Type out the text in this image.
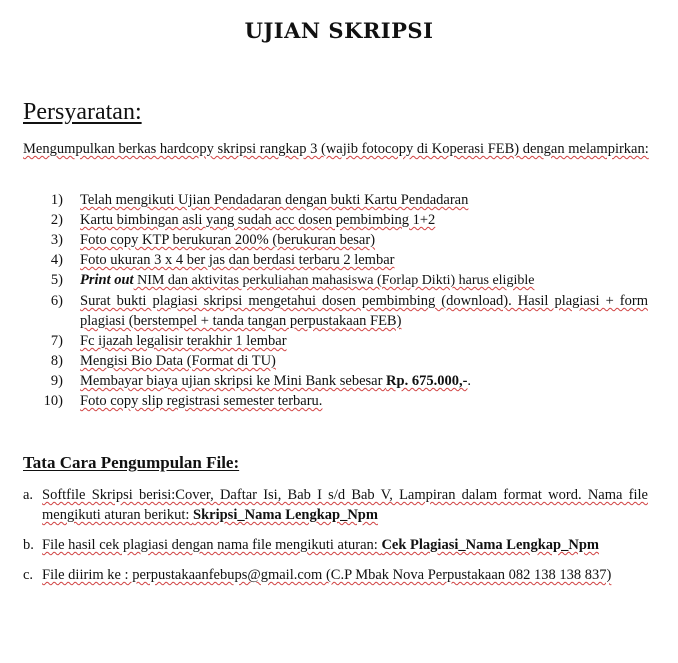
UJIAN SKRIPSI
Persyaratan:
Mengumpulkan berkas hardcopy skripsi rangkap 3 (wajib fotocopy di Koperasi FEB) dengan melampirkan:
1) Telah mengikuti Ujian Pendadaran dengan bukti Kartu Pendadaran
2) Kartu bimbingan asli yang sudah acc dosen pembimbing 1+2
3) Foto copy KTP berukuran 200% (berukuran besar)
4) Foto ukuran 3 x 4 ber jas dan berdasi terbaru 2 lembar
5) Print out NIM dan aktivitas perkuliahan mahasiswa (Forlap Dikti) harus eligible
6) Surat bukti plagiasi skripsi mengetahui dosen pembimbing (download). Hasil plagiasi + form plagiasi (berstempel + tanda tangan perpustakaan FEB)
7) Fc ijazah legalisir terakhir 1 lembar
8) Mengisi Bio Data (Format di TU)
9) Membayar biaya ujian skripsi ke Mini Bank sebesar Rp. 675.000,-.
10) Foto copy slip registrasi semester terbaru.
Tata Cara Pengumpulan File:
a. Softfile Skripsi berisi:Cover, Daftar Isi, Bab I s/d Bab V, Lampiran dalam format word. Nama file mengikuti aturan berikut: Skripsi_Nama Lengkap_Npm
b. File hasil cek plagiasi dengan nama file mengikuti aturan: Cek Plagiasi_Nama Lengkap_Npm
c. File diirim ke : perpustakaanfebups@gmail.com (C.P Mbak Nova Perpustakaan 082 138 138 837)
